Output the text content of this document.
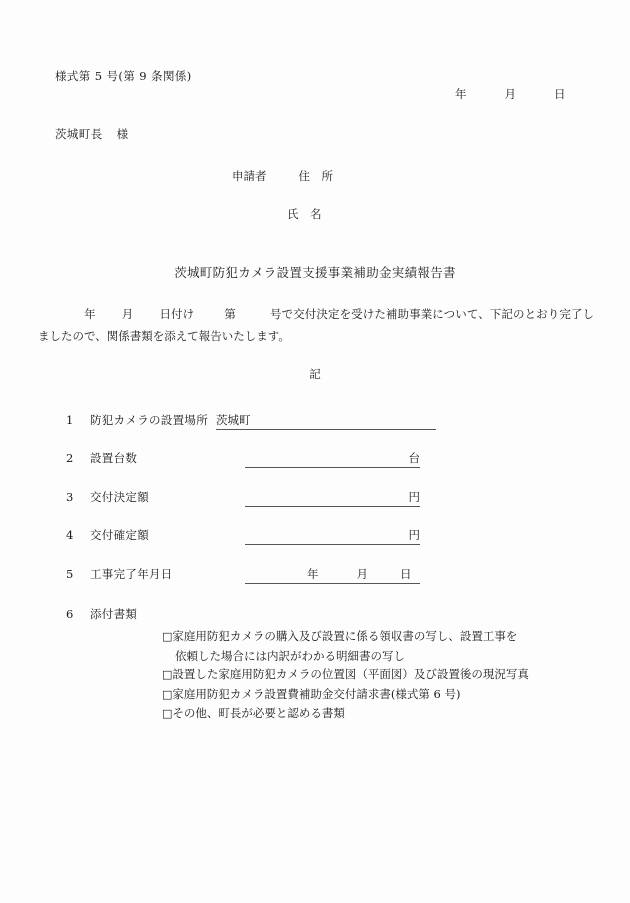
様式第 5 号(第 9 条関係)
年	月	日
茨城町長 様
申請者	住　所
氏　名
茨城町防犯カメラ設置支援事業補助金実績報告書
年 月 日付け	第	号で交付決定を受けた補助事業について、下記のとおり完了しましたので、関係書類を添えて報告いたします。
記
1	防犯カメラの設置場所 茨城町
2	設置台数	台
3	交付決定額	円
4	交付確定額	円
5	工事完了年月日	年	月	日
6	添付書類
□家庭用防犯カメラの購入及び設置に係る領収書の写し、設置工事を
依頼した場合には内訳がわかる明細書の写し
□設置した家庭用防犯カメラの位置図（平面図）及び設置後の現況写真
□家庭用防犯カメラ設置費補助金交付請求書(様式第 6 号)
□その他、町長が必要と認める書類
